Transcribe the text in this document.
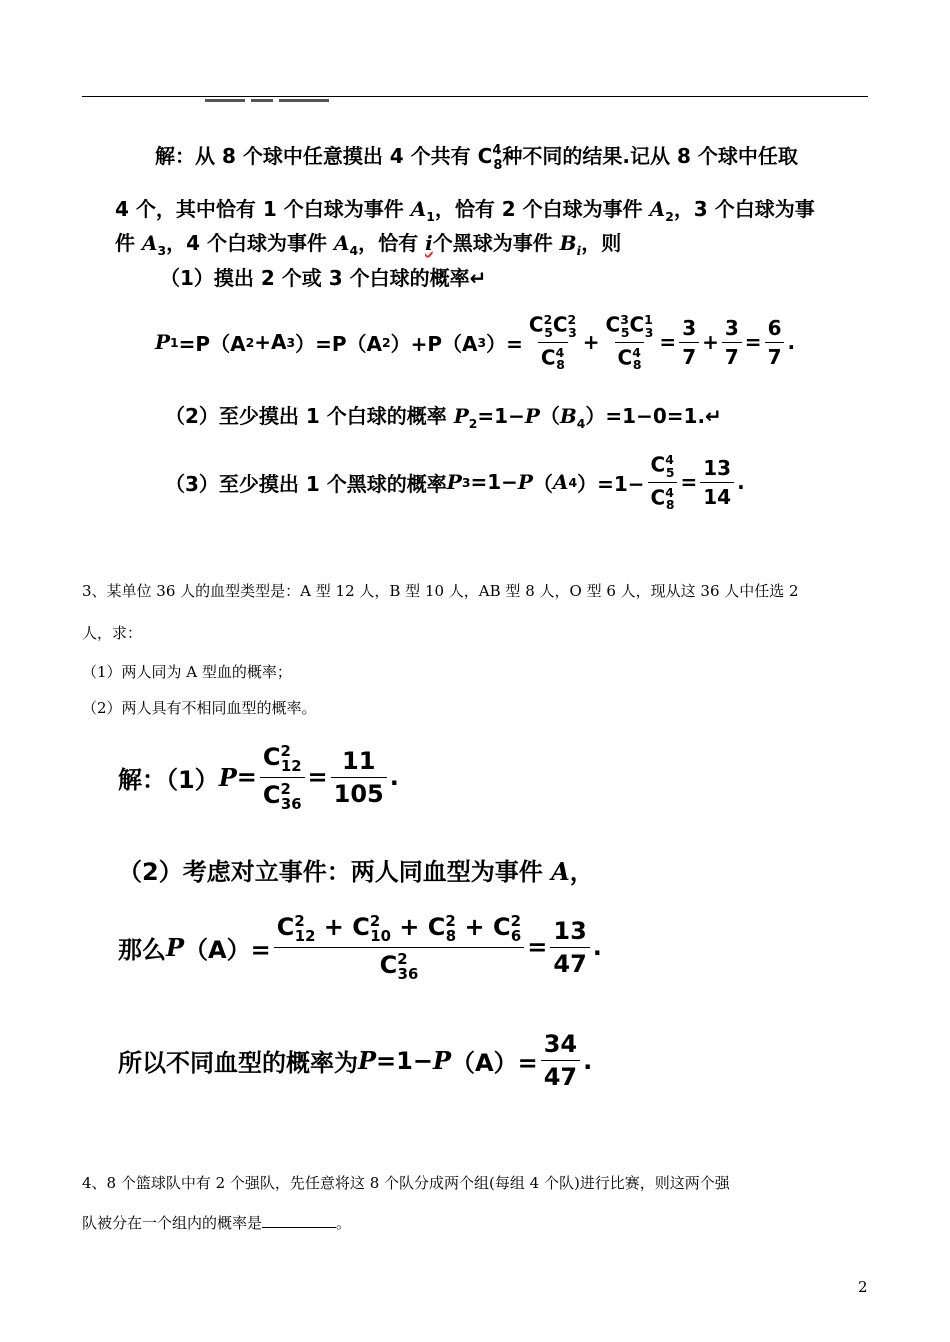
解：从 8 个球中任意摸出 4 个共有 $C^4_8$种不同的结果.记从 8 个球中任取
4 个，其中恰有 1 个白球为事件 $A_1$，恰有 2 个白球为事件 $A_2$，3 个白球为事
件 $A_3$，4 个白球为事件 $A_4$，恰有 i个黑球为事件 $B_i$，则
（1）摸出 2 个或 3 个白球的概率↵
P 1 =P（A 2 +A 3 ）=P（A 2 ）+P（A 3 ）= $\frac{C^2_5C^2_3}{C^4_8} + \frac{C^3_5C^1_3}{C^4_8} = \frac{3}{7} + \frac{3}{7} = \frac{6}{7}$ .
（2）至少摸出 1 个白球的概率 $P_2=1-P(B_4)=1-0=1.↵$
（3）至少摸出 1 个黑球的概率 P 3 =1− P （ A 4 ）$=1- \frac{C^4_5}{C^4_8} = \frac{13}{14}$ .
3、某单位 36 人的血型类型是：A 型 12 人，B 型 10 人，AB 型 8 人，O 型 6 人，现从这 36 人中任选 2
人，求：
（1）两人同为 A 型血的概率；
（2）两人具有不相同血型的概率。
解：（1） $P = \frac{C^2_{12}}{C^2_{36}} = \frac{11}{105}$ .
（2）考虑对立事件：两人同血型为事件 A，
那么 P $(A)= \frac{C^2_{12} + C^2_{10} + C^2_8 + C^2_6}{C^2_{36}} = \frac{13}{47}$ .
所以不同血型的概率为 P =1− P $(A)= \frac{34}{47}$ .
4、8 个篮球队中有 2 个强队，先任意将这 8 个队分成两个组(每组 4 个队)进行比赛，则这两个强
队被分在一个组内的概率是	。
2
